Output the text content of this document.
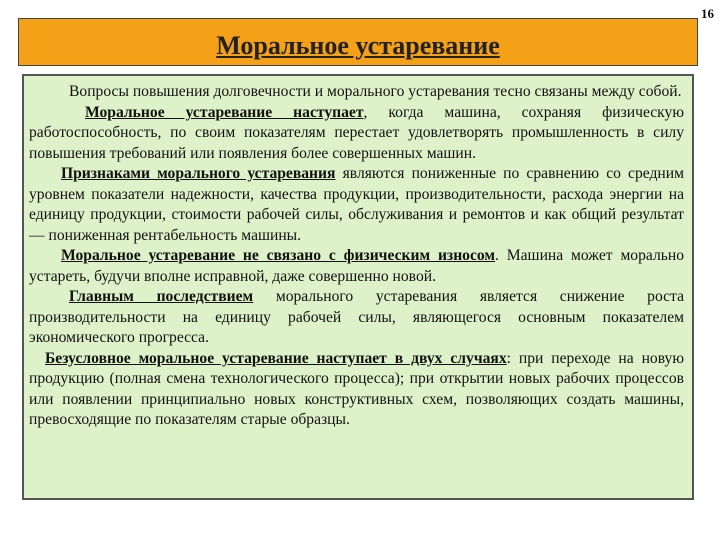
16
Моральное устаревание

Вопросы повышения долговечности и морального устаревания тесно связаны между собой.

Моральное устаревание наступает, когда машина, сохраняя физическую работоспособность, по своим показателям перестает удовлетворять промышленность в силу повышения требований или появления более совершенных машин.

Признаками морального устаревания являются пониженные по сравнению со средним уровнем показатели надежности, качества продукции, производительности, расхода энергии на единицу продукции, стоимости рабочей силы, обслуживания и ремонтов и как общий результат — пониженная рентабельность машины.

Моральное устаревание не связано с физическим износом. Машина может морально устареть, будучи вполне исправной, даже совершенно новой.

Главным последствием морального устаревания является снижение роста производительности на единицу рабочей силы, являющегося основным показателем экономического прогресса.

Безусловное моральное устаревание наступает в двух случаях: при переходе на новую продукцию (полная смена технологического процесса); при открытии новых рабочих процессов или появлении принципиально новых конструктивных схем, позволяющих создать машины, превосходящие по показателям старые образцы.
